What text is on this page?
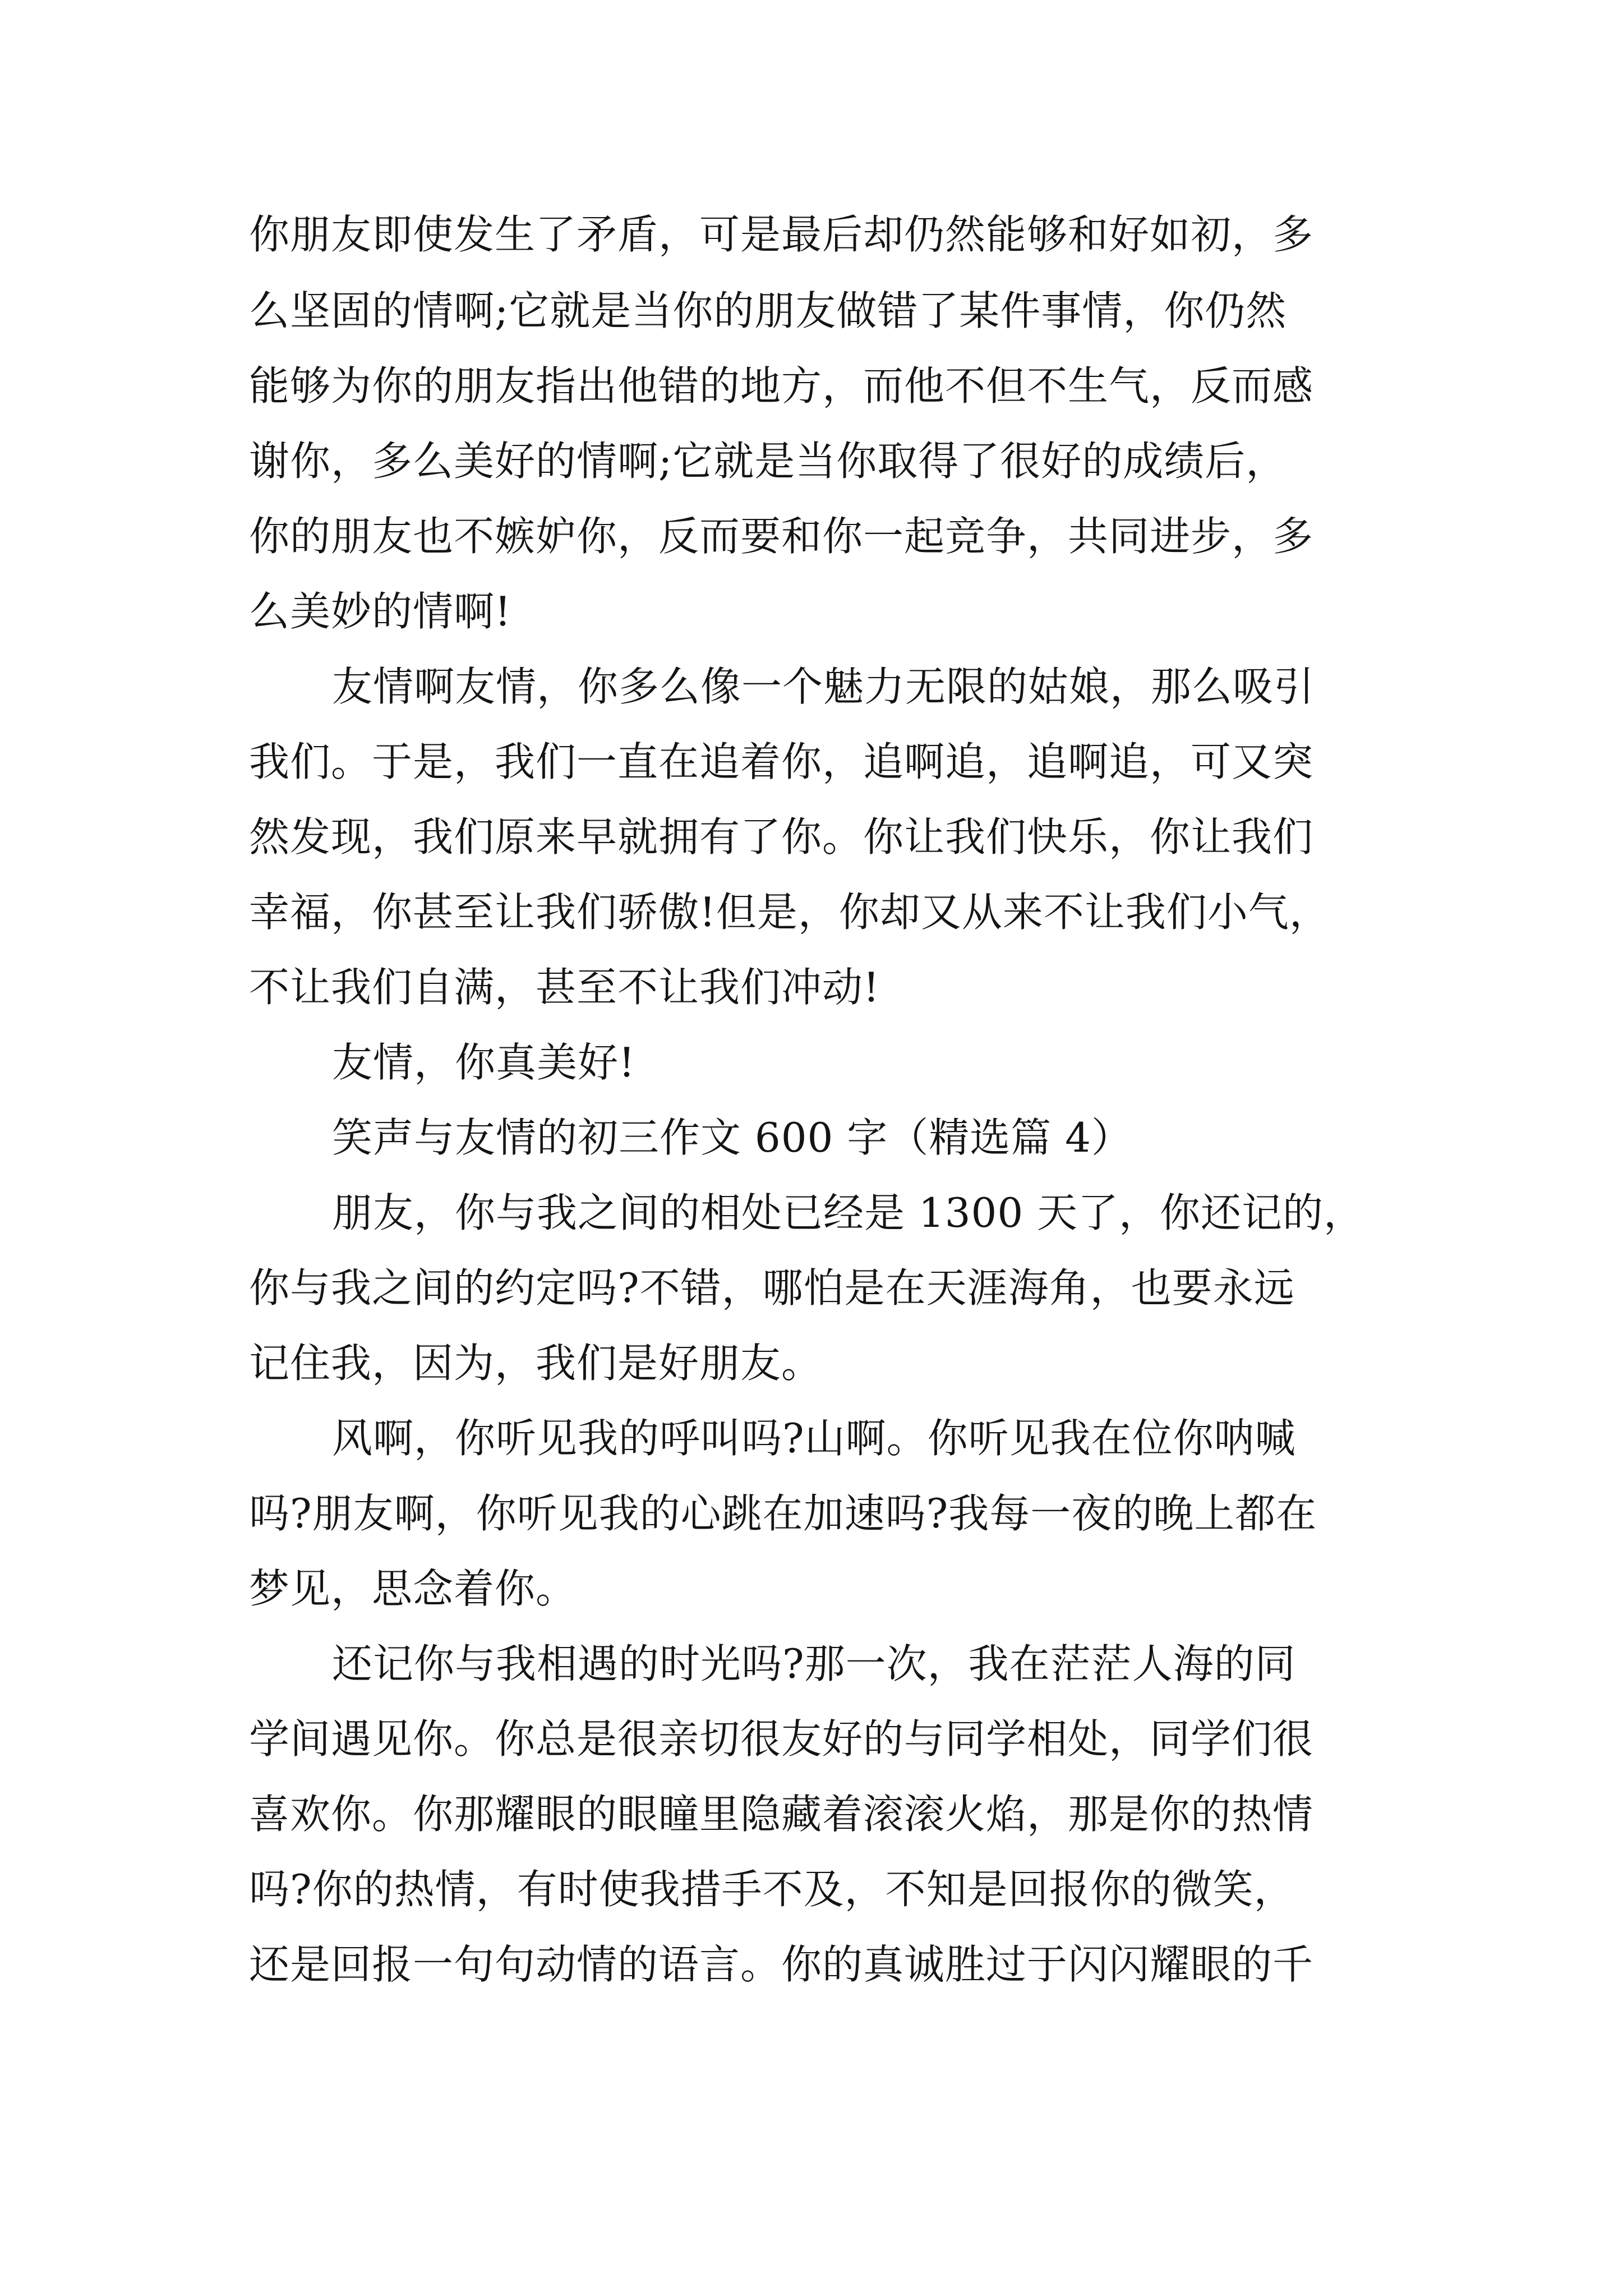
你朋友即使发生了矛盾，可是最后却仍然能够和好如初，多
么坚固的情啊;它就是当你的朋友做错了某件事情，你仍然
能够为你的朋友指出他错的地方，而他不但不生气，反而感
谢你，多么美好的情啊;它就是当你取得了很好的成绩后，
你的朋友也不嫉妒你，反而要和你一起竞争，共同进步，多
么美妙的情啊!
友情啊友情，你多么像一个魅力无限的姑娘，那么吸引
我们。于是，我们一直在追着你，追啊追，追啊追，可又突
然发现，我们原来早就拥有了你。你让我们快乐，你让我们
幸福，你甚至让我们骄傲!但是，你却又从来不让我们小气，
不让我们自满，甚至不让我们冲动!
友情，你真美好!
笑声与友情的初三作文 600 字（精选篇 4）
朋友，你与我之间的相处已经是 1300 天了，你还记的，
你与我之间的约定吗?不错，哪怕是在天涯海角，也要永远
记住我，因为，我们是好朋友。
风啊，你听见我的呼叫吗?山啊。你听见我在位你呐喊
吗?朋友啊，你听见我的心跳在加速吗?我每一夜的晚上都在
梦见，思念着你。
还记你与我相遇的时光吗?那一次，我在茫茫人海的同
学间遇见你。你总是很亲切很友好的与同学相处，同学们很
喜欢你。你那耀眼的眼瞳里隐藏着滚滚火焰，那是你的热情
吗?你的热情，有时使我措手不及，不知是回报你的微笑，
还是回报一句句动情的语言。你的真诚胜过于闪闪耀眼的千
